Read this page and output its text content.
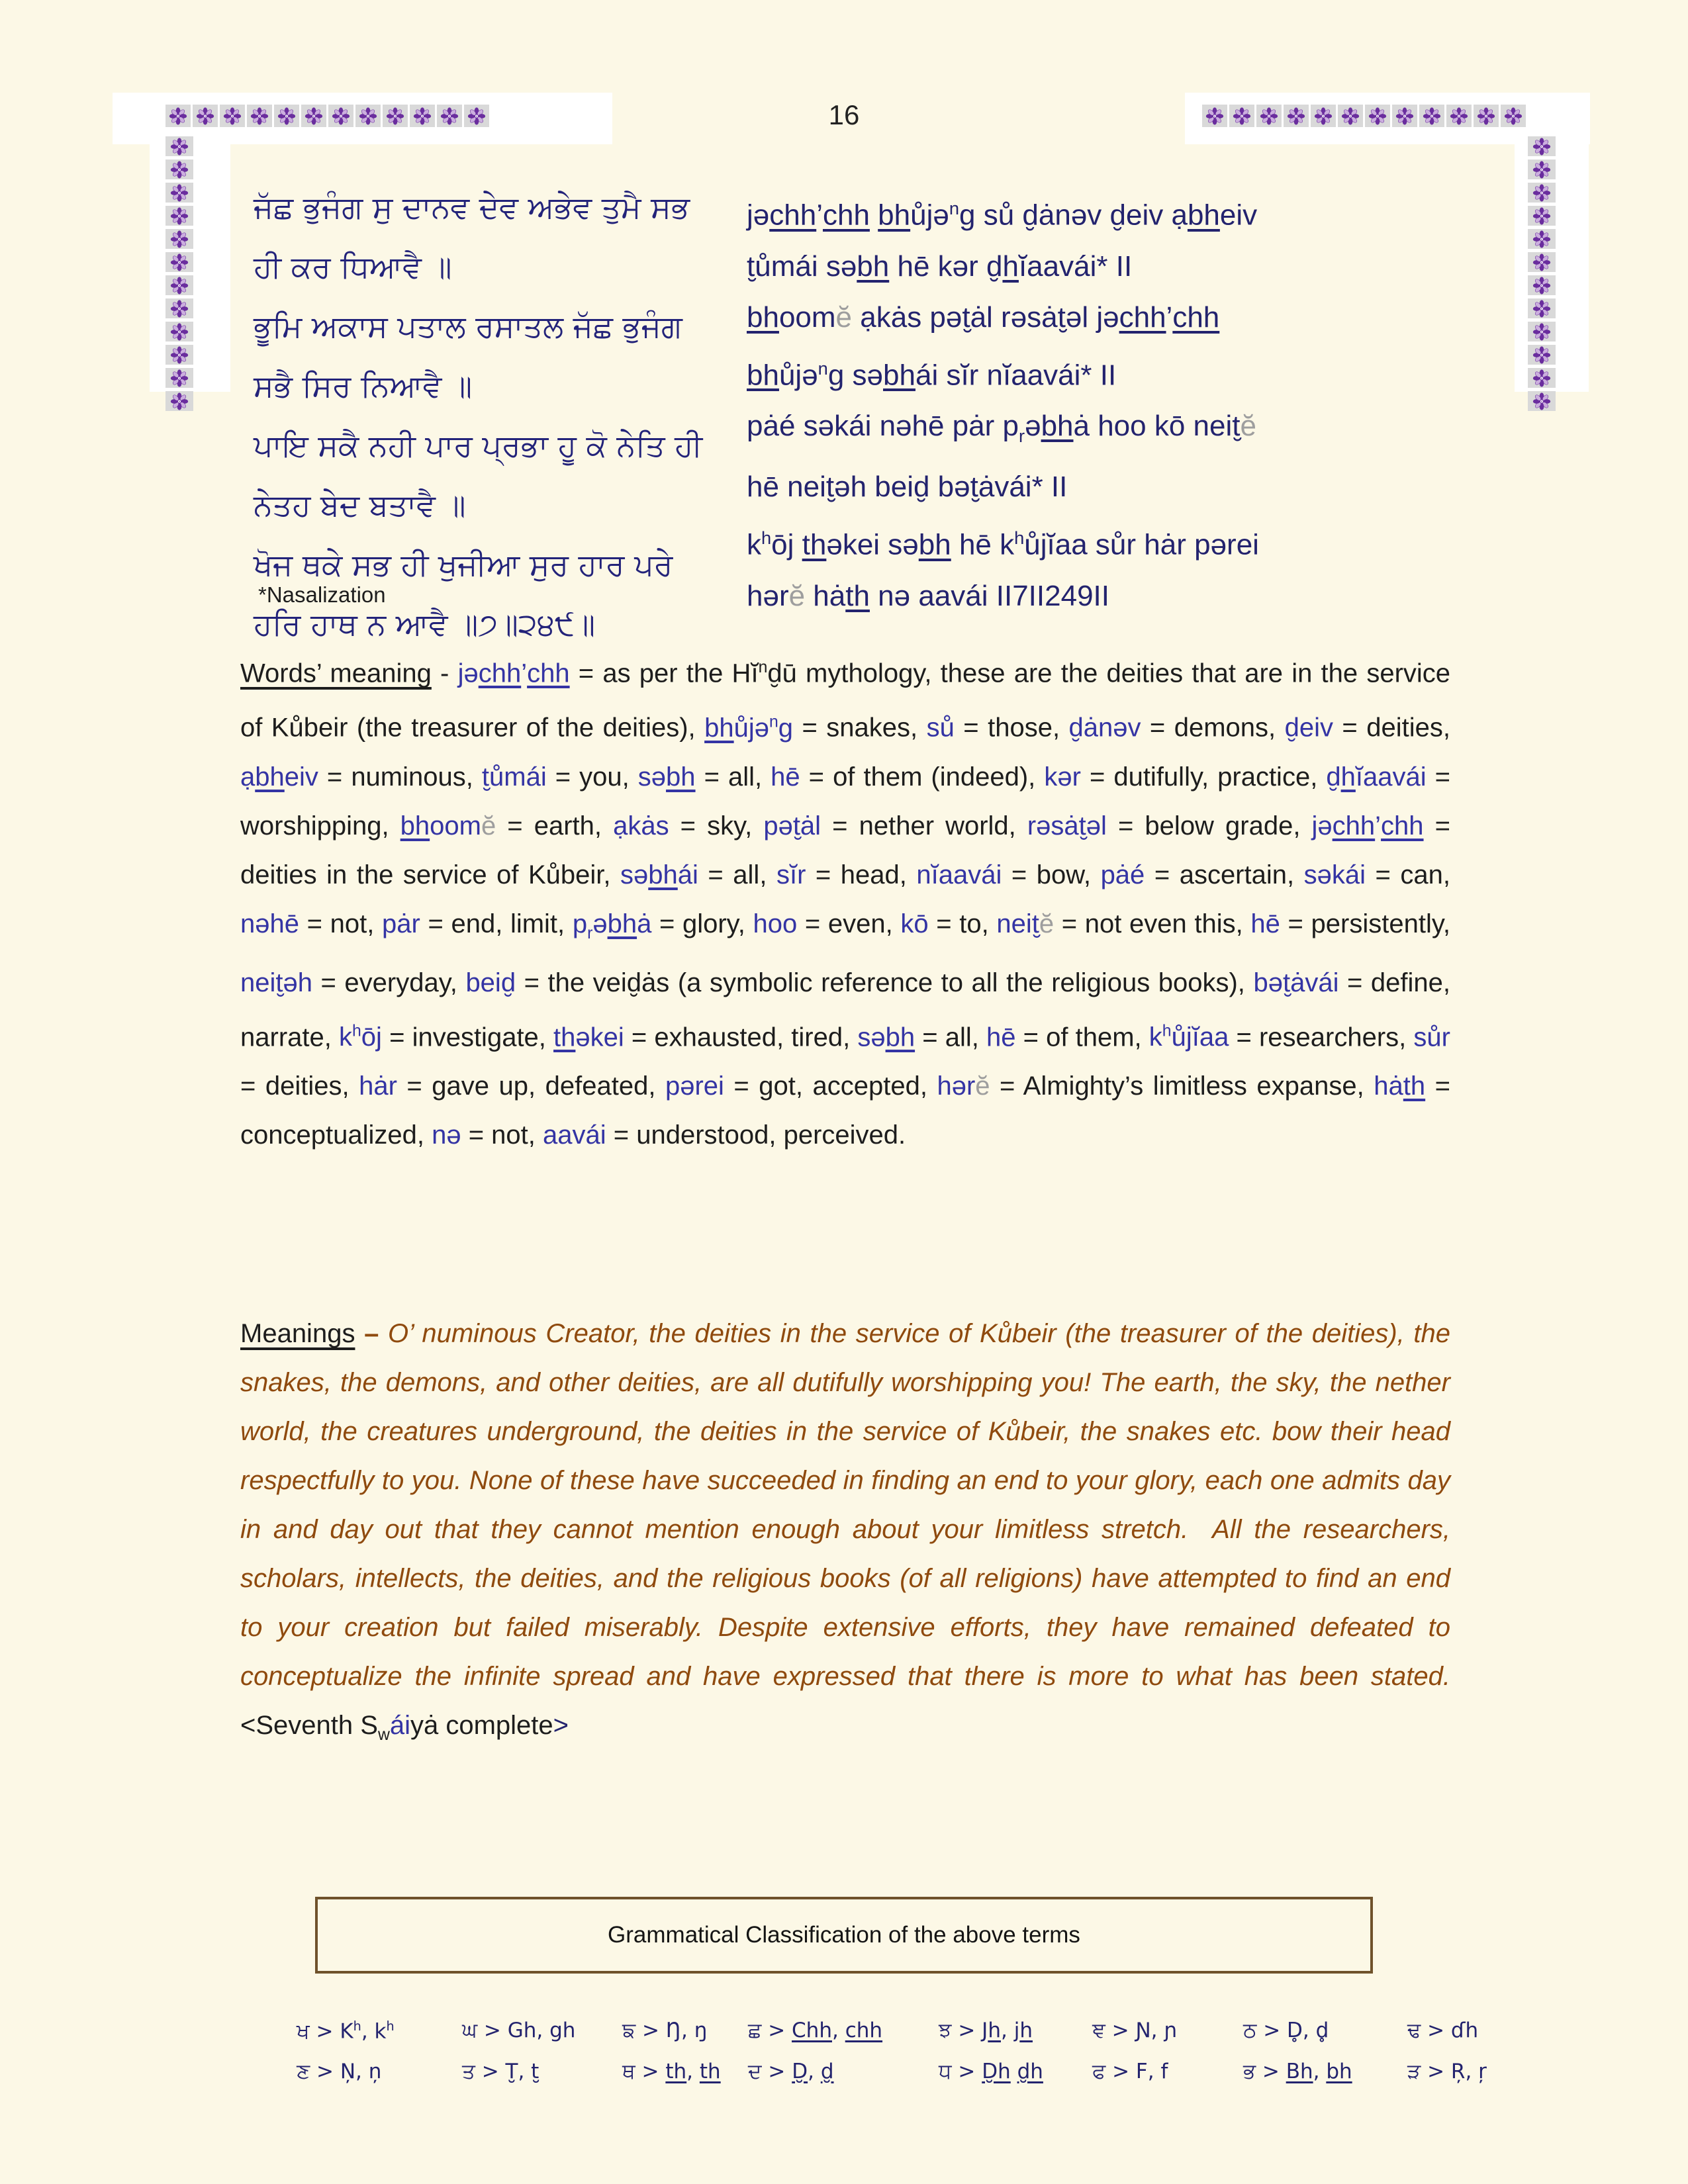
16
ਜੱਛ ਭੁਜੰਗ ਸੁ ਦਾਨਵ ਦੇਵ ਅਭੇਵ ਤੁਮੈ ਸਭ
ਹੀ ਕਰ ਧਿਆਵੈ ॥
ਭੂਮਿ ਅਕਾਸ ਪਤਾਲ ਰਸਾਤਲ ਜੱਛ ਭੁਜੰਗ
ਸਭੈ ਸਿਰ ਨਿਆਵੈ ॥
ਪਾਇ ਸਕੈ ਨਹੀ ਪਾਰ ਪ੍ਰਭਾ ਹੂ ਕੋ ਨੇਤਿ ਹੀ
ਨੇਤਹ ਬੇਦ ਬਤਾਵੈ ॥
ਖੋਜ ਥਕੇ ਸਭ ਹੀ ਖੁਜੀਆ ਸੁਰ ਹਾਰ ਪਰੇ
ਹਰਿ ਹਾਥ ਨ ਆਵੈ ॥੭॥੨੪੯॥
jəchh’chh bhůjə$^n$g sů d̮ȧnəv d̮eiv ạbheiv
t̮ůmái səbh hē kər d̮hĭaavái* II
bhoomĕ ạkȧs pət̮ȧl rəsȧt̮əl jəchh’chh
bhůjə$^n$g səbhái sĭr nĭaavái* II
pȧé səkái nəhē pȧr $p_rəbhȧ$ hoo kō neit̮ĕ
hē neit̮əh beid̮ bət̮ȧvái* II
$k^hōj$ thəkei səbh hē $k^hůjĭaa$ sůr hȧr pərei
hərĕ hȧth nə aavái II7II249II
*Nasalization
Words’ meaning - jəchh’chh = as per the $Hĭ^nd̮ū$ mythology, these are the deities that are in the service of Kůbeir (the treasurer of the deities), bhůjə$^n$g = snakes, sů = those, d̮ȧnəv = demons, d̮eiv = deities, ạbheiv = numinous, t̮ůmái = you, səbh = all, hē = of them (indeed), kər = dutifully, practice, d̮hĭaavái = worshipping, bhoomĕ = earth, ạkȧs = sky, pət̮ȧl = nether world, rəsȧt̮əl = below grade, jəchh’chh = deities in the service of Kůbeir, səbhái = all, sĭr = head, nĭaavái = bow, pȧé = ascertain, səkái = can, nəhē = not, pȧr = end, limit, $p_rəbhȧ$ = glory, hoo = even, kō = to, neit̮ĕ = not even this, hē = persistently, neit̮əh = everyday, beid̮ = the veid̮ȧs (a symbolic reference to all the religious books), bət̮ȧvái = define, narrate, $k^hōj$ = investigate, thəkei = exhausted, tired, səbh = all, hē = of them, $k^hůjĭaa$ = researchers, sůr = deities, hȧr = gave up, defeated, pərei = got, accepted, hərĕ = Almighty’s limitless expanse, hȧth = conceptualized, nə = not, aavái = understood, perceived.
Meanings – O’ numinous Creator, the deities in the service of Kůbeir (the treasurer of the deities), the snakes, the demons, and other deities, are all dutifully worshipping you! The earth, the sky, the nether world, the creatures underground, the deities in the service of Kůbeir, the snakes etc. bow their head respectfully to you. None of these have succeeded in finding an end to your glory, each one admits day in and day out that they cannot mention enough about your limitless stretch.  All the researchers, scholars, intellects, the deities, and the religious books (of all religions) have attempted to find an end to your creation but failed miserably. Despite extensive efforts, they have remained defeated to conceptualize the infinite spread and have expressed that there is more to what has been stated. <Seventh $S_wáiyȧ$ complete>
Grammatical Classification of the above terms
ਖ > $K^h$, $k^h$	ਘ > Gh, gh	ਙ > Ŋ, ŋ	ਛ > Chh, chh	ਝ > Jh, jh	ਞ > Ɲ, ɲ	ਠ > D̥, d̥	ਢ > ɗh
ਣ > Ņ, ņ	ਤ > T̮, t̮	ਥ > th, th	ਦ > D̮, d̮	ਧ > D̮h d̮h	ਫ > F, f	ਭ > Bh, bh	ੜ > Ŗ, ŗ
